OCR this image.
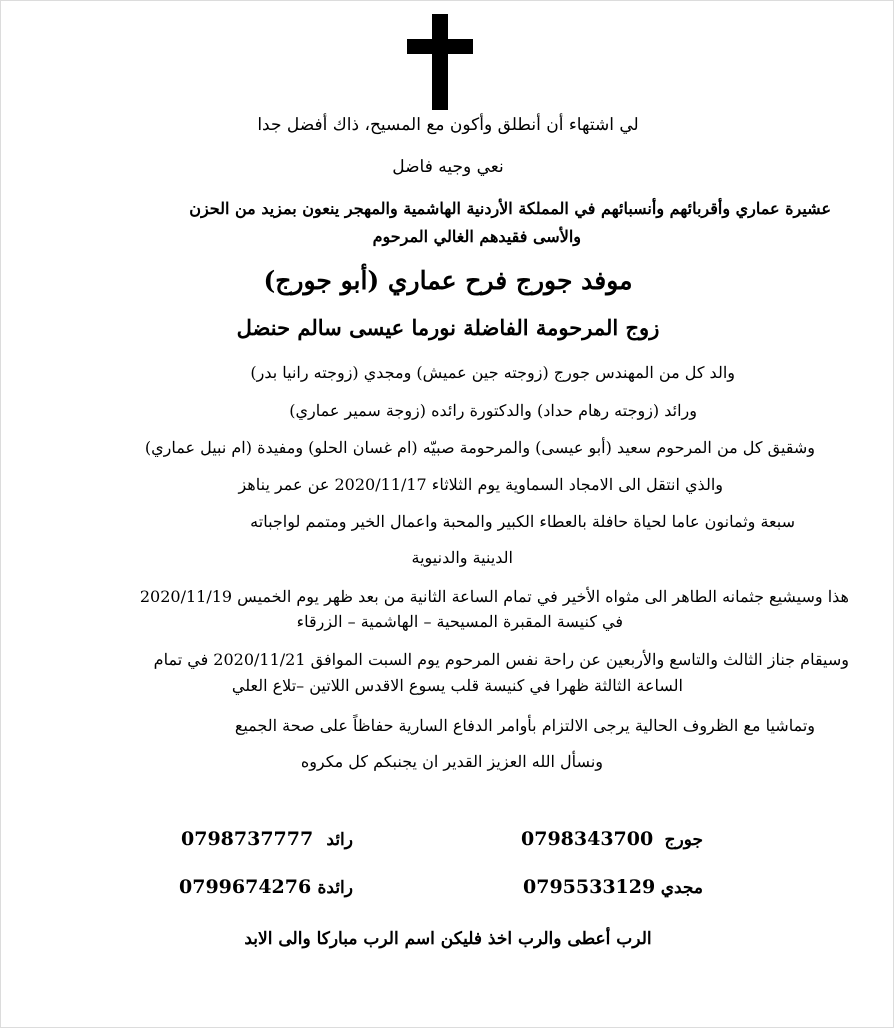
لي اشتهاء أن أنطلق وأكون مع المسيح، ذاك أفضل جدا
نعي وجيه فاضل
عشيرة عماري وأقربائهم وأنسبائهم في المملكة الأردنية الهاشمية والمهجر ينعون بمزيد من الحزن
والأسى فقيدهم الغالي المرحوم
موفد جورج فرح عماري (أبو جورج)
زوج المرحومة الفاضلة نورما عيسى سالم حنضل
والد كل من المهندس جورج (زوجته جين عميش) ومجدي (زوجته رانيا بدر)
ورائد (زوجته رهام حداد) والدكتورة رائده (زوجة سمير عماري)
وشقيق كل من المرحوم سعيد (أبو عيسى) والمرحومة صبيّه (ام غسان الحلو) ومفيدة (ام نبيل عماري)
والذي انتقل الى الامجاد السماوية يوم الثلاثاء 2020/11/17 عن عمر يناهز
سبعة وثمانون عاما لحياة حافلة بالعطاء الكبير والمحبة واعمال الخير ومتمم لواجباته
الدينية والدنيوية
هذا وسيشيع جثمانه الطاهر الى مثواه الأخير في تمام الساعة الثانية من بعد ظهر يوم الخميس 2020/11/19
في كنيسة المقبرة المسيحية – الهاشمية – الزرقاء
وسيقام جناز الثالث والتاسع والأربعين عن راحة نفس المرحوم يوم السبت الموافق 2020/11/21 في تمام
الساعة الثالثة ظهرا في كنيسة قلب يسوع الاقدس اللاتين –تلاع العلي
وتماشيا مع الظروف الحالية يرجى الالتزام بأوامر الدفاع السارية حفاظاً على صحة الجميع
ونسأل الله العزيز القدير ان يجنبكم كل مكروه
جورج
0798343700
رائد
0798737777
مجدي
0795533129
رائدة
0799674276
الرب أعطى والرب اخذ فليكن اسم الرب مباركا والى الابد
